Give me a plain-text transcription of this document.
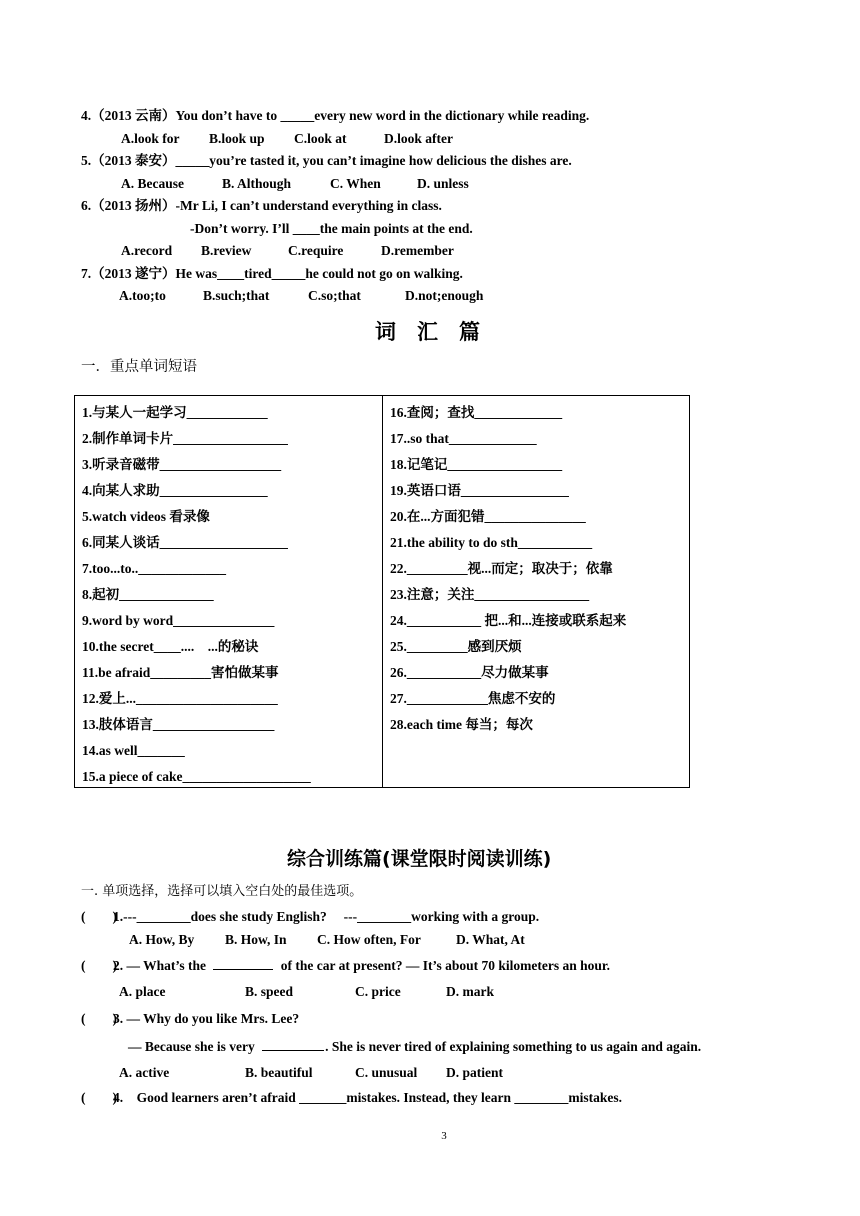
4.（2013 云南）You don’t have to _____every new word in the dictionary while reading.
A.look for B.look up C.look at	D.look after
5.（2013 泰安）_____you’re tasted it, you can’t imagine how delicious the dishes are.
A. Because	B. Although	C. When	D. unless
6.（2013 扬州）-Mr Li, I can’t understand everything in class.
-Don’t worry. I’ll ____the main points at the end.
A.record B.review	C.require	D.remember
7.（2013 遂宁）He was____tired_____he could not go on walking.
A.too;to	B.such;that	C.so;that	D.not;enough
词　汇　篇
一．重点单词短语
1.与某人一起学习____________
2.制作单词卡片_________________
3.听录音磁带__________________
4.向某人求助________________
5.watch videos 看录像
6.同某人谈话___________________
7.too...to.._____________
8.起初______________
9.word by word_______________
10.the secret____....　...的秘诀
11.be afraid_________害怕做某事
12.爱上..._____________________
13.肢体语言__________________
14.as well_______
15.a piece of cake___________________
16.查阅；查找_____________
17..so that_____________
18.记笔记_________________
19.英语口语________________
20.在...方面犯错_______________
21.the ability to do sth___________
22._________视...而定；取决于；依靠
23.注意；关注_________________
24.___________ 把...和...连接或联系起来
25._________感到厌烦
26.___________尽力做某事
27.____________焦虑不安的
28.each time 每当；每次
综合训练篇(课堂限时阅读训练)
一. 单项选择，选择可以填入空白处的最佳选项。
(　　)1.---________does she study English?　 ---________working with a group.
A. How, By B. How, In C. How often, For	D. What, At
(　　)2. — What’s the	of the car at present? — It’s about 70 kilometers an hour.
A. place	B. speed	C. price	D. mark
(　　)3. — Why do you like Mrs. Lee?
— Because she is very	. She is never tired of explaining something to us again and again.
A. active	B. beautiful	C. unusual D. patient
(　　)4.　Good learners aren’t afraid _______mistakes. Instead, they learn ________mistakes.
3
